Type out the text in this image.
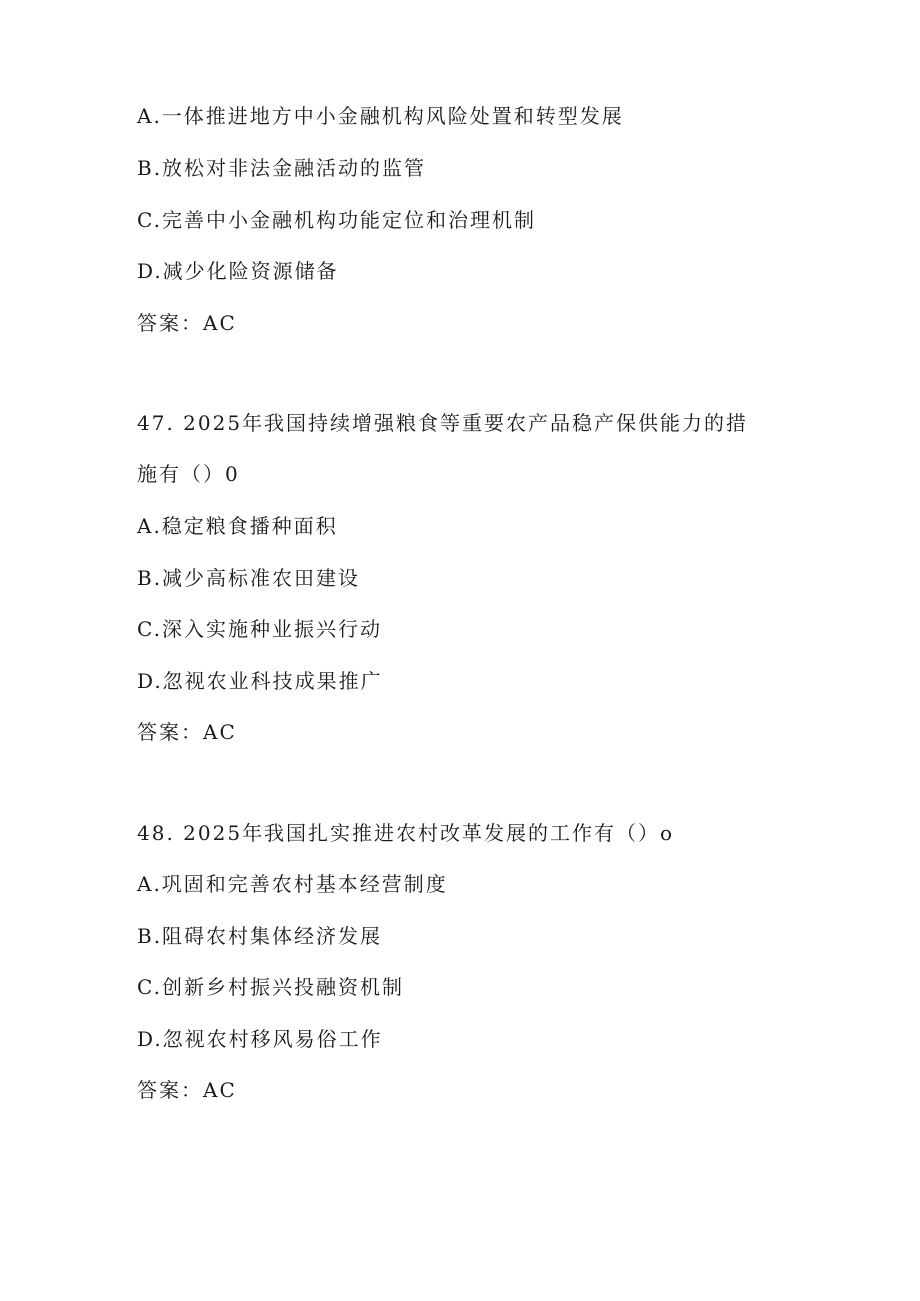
A.一体推进地方中小金融机构风险处置和转型发展
B.放松对非法金融活动的监管
C.完善中小金融机构功能定位和治理机制
D.减少化险资源储备
答案：AC
47. 2025年我国持续增强粮食等重要农产品稳产保供能力的措
施有（）0
A.稳定粮食播种面积
B.减少高标准农田建设
C.深入实施种业振兴行动
D.忽视农业科技成果推广
答案：AC
48. 2025年我国扎实推进农村改革发展的工作有（）o
A.巩固和完善农村基本经营制度
B.阻碍农村集体经济发展
C.创新乡村振兴投融资机制
D.忽视农村移风易俗工作
答案：AC
